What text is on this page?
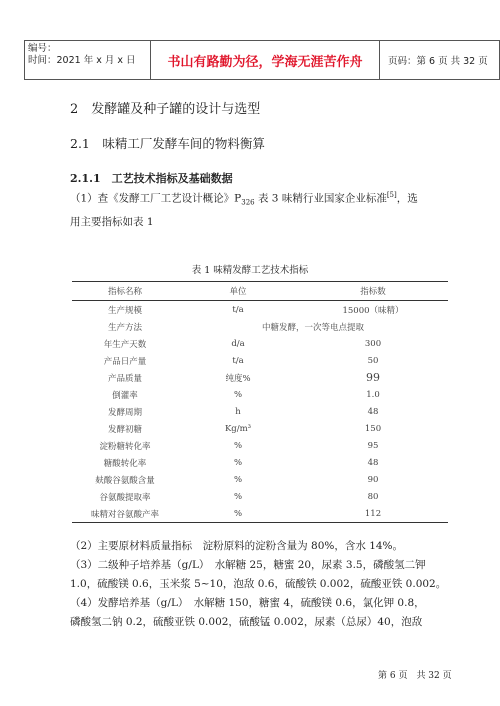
编号：
时间：2021 年 x 月 x 日	书山有路勤为径，学海无涯苦作舟	页码：第 6 页 共 32 页
2　发酵罐及种子罐的设计与选型
2.1　味精工厂发酵车间的物料衡算
2.1.1　工艺技术指标及基础数据
（1）查《发酵工厂工艺设计概论》$P_{326}$ 表 3 味精行业国家企业标准[5]，选
用主要指标如表 1
表 1 味精发酵工艺技术指标
指标名称	单位	指标数
生产规模	t/a	15000（味精）
生产方法	中糖发酵，一次等电点提取	
年生产天数	d/a	300
产品日产量	t/a	50
产品质量	纯度%	99
倒灌率	%	1.0
发酵周期	h	48
发酵初糖	Kg/m³	150
淀粉糖转化率	%	95
糖酸转化率	%	48
麸酸谷氨酸含量	%	90
谷氨酸提取率	%	80
味精对谷氨酸产率	%	112
（2）主要原材料质量指标　淀粉原料的淀粉含量为 80%，含水 14%。
（3）二级种子培养基（g/L）　水解糖 25，糖蜜 20，尿素 3.5，磷酸氢二钾
1.0，硫酸镁 0.6，玉米浆 5~10，泡敌 0.6，硫酸铁 0.002，硫酸亚铁 0.002。
（4）发酵培养基（g/L）　水解糖 150，糖蜜 4，硫酸镁 0.6，氯化钾 0.8，
磷酸氢二钠 0.2，硫酸亚铁 0.002，硫酸锰 0.002，尿素（总尿）40，泡敌
第 6 页　共 32 页
